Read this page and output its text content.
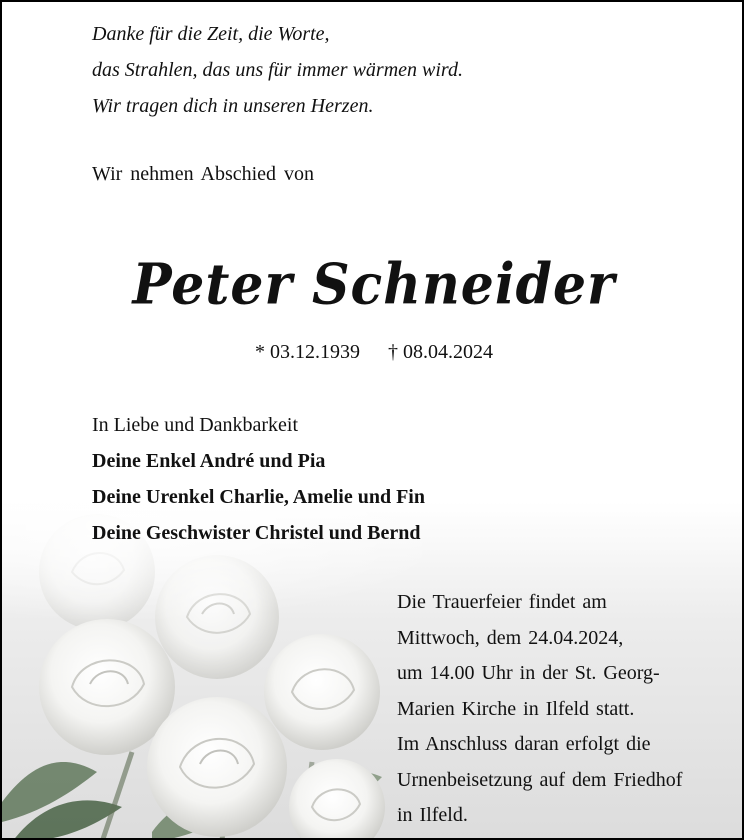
Danke für die Zeit, die Worte,
das Strahlen, das uns für immer wärmen wird.
Wir tragen dich in unseren Herzen.
Wir nehmen Abschied von
Peter Schneider
* 03.12.1939 † 08.04.2024
In Liebe und Dankbarkeit
Deine Enkel André und Pia
Deine Urenkel Charlie, Amelie und Fin
Deine Geschwister Christel und Bernd
Die Trauerfeier findet am
Mittwoch, dem 24.04.2024,
um 14.00 Uhr in der St. Georg-
Marien Kirche in Ilfeld statt.
Im Anschluss daran erfolgt die
Urnenbeisetzung auf dem Friedhof
in Ilfeld.
